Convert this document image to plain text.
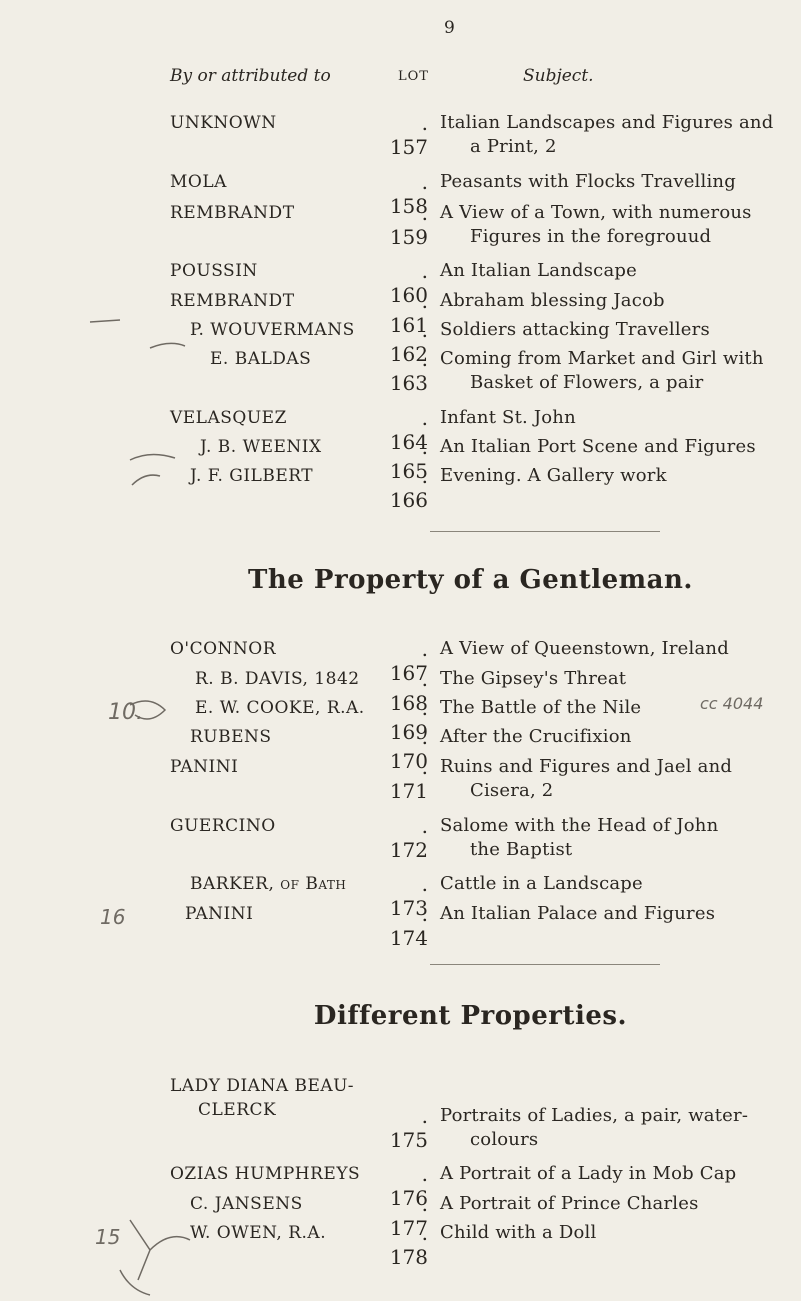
9
By or attributed to	LOT	Subject.
UNKNOWN
. 157
Italian Landscapes and Figures and
a Print, 2
MOLA
. 158
Peasants with Flocks Travelling
REMBRANDT
. 159
A View of a Town, with numerous
Figures in the foregrouud
POUSSIN
. 160
An Italian Landscape
REMBRANDT
. 161
Abraham blessing Jacob
P. WOUVERMANS
. 162
Soldiers attacking Travellers
E. BALDAS
. 163
Coming from Market and Girl with
Basket of Flowers, a pair
VELASQUEZ
. 164
Infant St. John
J. B. WEENIX
. 165
An Italian Port Scene and Figures
J. F. GILBERT
. 166
Evening. A Gallery work
The Property of a Gentleman.
O'CONNOR
. 167
A View of Queenstown, Ireland
R. B. DAVIS, 1842
. 168
The Gipsey's Threat
E. W. COOKE, R.A.
. 169
The Battle of the Nile
RUBENS
. 170
After the Crucifixion
PANINI
. 171
Ruins and Figures and Jael and
Cisera, 2
GUERCINO
. 172
Salome with the Head of John
the Baptist
BARKER, of Bath
. 173
Cattle in a Landscape
PANINI
. 174
An Italian Palace and Figures
Different Properties.
LADY DIANA BEAU-
CLERCK
. 175
Portraits of Ladies, a pair, water-
colours
OZIAS HUMPHREYS
. 176
A Portrait of a Lady in Mob Cap
C. JANSENS
. 177
A Portrait of Prince Charles
W. OWEN, R.A.
. 178
Child with a Doll
cc 4044
10.
16
15
